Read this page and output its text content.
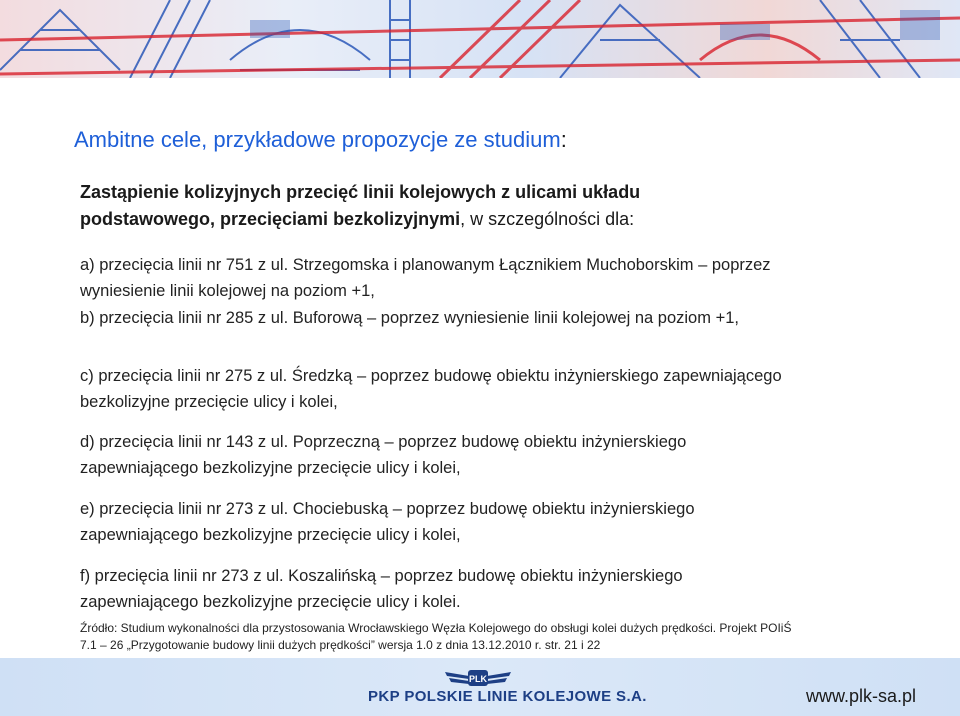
Ambitne cele, przykładowe propozycje ze studium:
Zastąpienie kolizyjnych przecięć linii kolejowych z ulicami układu
podstawowego, przecięciami bezkolizyjnymi, w szczególności dla:
a) przecięcia linii nr 751 z ul. Strzegomska i planowanym Łącznikiem Muchoborskim – poprzez
wyniesienie linii kolejowej na poziom +1,
b) przecięcia linii nr 285 z ul. Buforową – poprzez wyniesienie linii kolejowej na poziom +1,
c) przecięcia linii nr 275 z ul. Średzką – poprzez budowę obiektu inżynierskiego zapewniającego
bezkolizyjne przecięcie ulicy i kolei,
d) przecięcia linii nr 143 z ul. Poprzeczną – poprzez budowę obiektu inżynierskiego
zapewniającego bezkolizyjne przecięcie ulicy i kolei,
e) przecięcia linii nr 273 z ul. Chociebuską – poprzez budowę obiektu inżynierskiego
zapewniającego bezkolizyjne przecięcie ulicy i kolei,
f) przecięcia linii nr 273 z ul. Koszalińską – poprzez budowę obiektu inżynierskiego
zapewniającego bezkolizyjne przecięcie ulicy i kolei.
Źródło: Studium wykonalności dla przystosowania Wrocławskiego Węzła Kolejowego do obsługi kolei dużych prędkości. Projekt POIiŚ
7.1 – 26 „Przygotowanie budowy linii dużych prędkości” wersja 1.0 z dnia 13.12.2010 r. str. 21 i 22
PLK
PKP POLSKIE LINIE KOLEJOWE S.A.	www.plk-sa.pl
